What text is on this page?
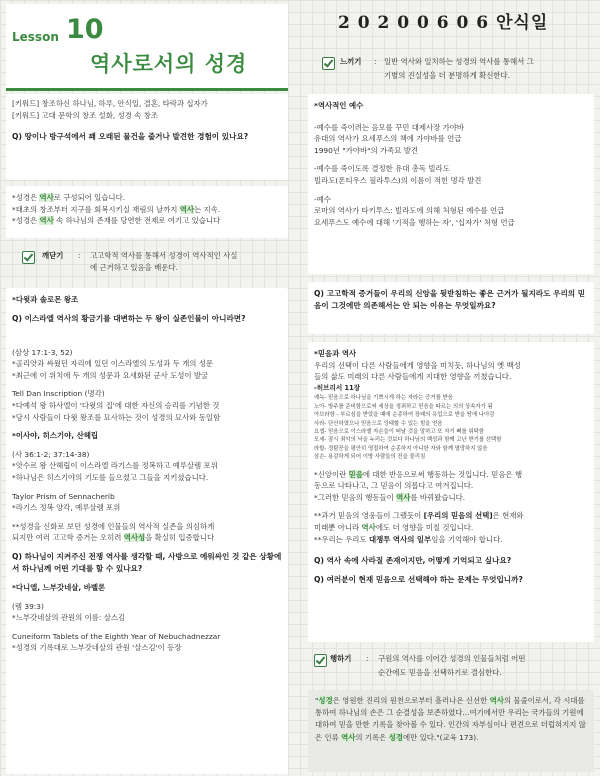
Lesson 10
역사로서의 성경

[키워드] 창조하신 하나님, 하루, 안식일, 결혼, 타락과 십자가

[키워드] 고대 문학의 창조 설화, 성경 속 창조

Q) 땅이나 방구석에서 꽤 오래된 물건을 줍거나 발견한 경험이 있나요?

*성경은 역사로 구성되어 있습니다.

*태초의 창조부터 지구를 회복시키실 재림의 날까지 역사는 지속.

*성경은 역사 속 하나님의 존재를 당연한 전제로 여기고 있습니다

깨닫기 : 고고학적 역사를 통해서 성경이 역사적인 사실
에 근거하고 있음을 배운다.

*다윗과 솔로몬 왕조

Q) 이스라엘 역사의 황금기를 대변하는 두 왕이 실존인물이 아니라면?

(삼상 17:1-3, 52)

*골리앗과 싸웠던 자리에 있던 이스라엘의 도성과 두 개의 성문

*최근에 이 위치에 두 개의 성문과 요새화된 군사 도성이 발굴

Tell Dan Inscription (명각)

*다예석 왕 하사엘이 '다윗의 집'에 대한 자신의 승리를 기념한 것

*당시 사람들이 다윗 왕조를 묘사하는 것이 성경의 묘사와 동일함

*이사야, 히스기야, 산헤립

(사 36:1-2; 37:14-38)

*앗수르 왕 산헤립이 이스라엘 라기스를 정복하고 예루살렘 포위

*하나님은 히스기야의 기도를 들으셨고 그들을 지키셨습니다.

Taylor Prism of Sennacherib

*라기스 정복 양각, 예루살렘 포위

**성경을 신화로 보던 성경에 인물들의 역사적 실존을 의심하게

되지만 여러 고고학 증거는 오히려 역사성을 확실히 입증합니다

Q) 하나님이 지켜주신 전쟁 역사를 생각할 때, 사방으로 에워싸인 것 같은 상황에서 하나님께 어떤 기대를 할 수 있나요?

*다니엘, 느부갓네살, 바벨론

(렘 39:3)

*느부갓네살의 관원의 이름: 살스김

Cuneiform Tablets of the Eighth Year of Nebuchadnezzar

*성경의 기록대로 느부갓네살의 관원 '살스김'이 등장

2 0 2 0 0 6 0 6 안식일
느끼기 : 일반 역사와 일치하는 성경의 역사를 통해서 그
기별의 진실성을 더 분명하게 확신한다.

*역사적인 예수

-예수를 죽이려는 음모를 꾸민 대제사장 가야바

유대의 역사가 요세푸스의 책에 가야바를 언급

1990년 "가야바"의 가족묘 발견

-예수를 죽이도록 결정한 유대 총독 빌라도

빌라도(폰티우스 필라투스)의 이름이 적힌 명각 발견

-예수

로마의 역사가 타키투스: 빌라도에 의해 처형된 예수를 언급

요세푸스도 예수에 대해 '기적을 행하는 자', '십자가' 처형 언급

Q) 고고학적 증거들이 우리의 신앙을 뒷받침하는 좋은 근거가 될지라도 우리의 믿음이 그것에만 의존해서는 안 되는 이유는 무엇일까요?

*믿음과 역사

우리의 선택이 다른 사람들에게 영향을 미치듯, 하나님의 옛 백성

들의 삶도 미래의 다른 사람들에게 지대한 영향을 끼쳤습니다.

-히브리서 11장

예녹- 믿음으로 하나님을 기쁘시게 하는 자라는 증거를 받음

노아- 방주를 준비함으로써 세상을 정죄하고 믿음을 따르는 의의 상속자가 됨

아브라함 - 부르심을 받았을 때에 순종하여 장래의 유업으로 받을 땅에 나아감

사라- 단산하였으나 믿음으로 잉태할 수 있는 힘을 얻음

요셉- 믿음으로 이스라엘 자손들이 떠날 것을 말하고 또 자기 뼈를 위탁함

모세- 잠시 죄악의 낙을 누리는 것보다 하나님의 백성과 함께 고난 받기를 선택함

라합- 정탐꾼을 평안히 영접하여 순종하지 아니한 자와 함께 멸망하지 않음

삼손- 용감하게 되어 이방 사람들의 진을 물리침

*신앙이란 믿음에 대한 반응으로써 행동하는 것입니다. 믿음은 행

동으로 나타나고, 그 믿음이 의롭다고 여겨집니다.

*그러한 믿음의 행동들이 역사를 바꿔왔습니다.

**과거 믿음의 영웅들이 그랬듯이 [우리의 믿음의 선택]은 현재와

미래뿐 아니라 역사에도 더 영향을 미칠 것입니다.

**우리는 우리도 대쟁투 역사의 일부임을 기억해야 합니다.

Q) 역사 속에 사라질 존재이지만, 어떻게 기억되고 싶나요?

Q) 여러분이 현재 믿음으로 선택해야 하는 문제는 무엇입니까?

행하기 : 구원의 역사를 이어간 성경의 인물들처럼 어떤
순간에도 믿음을 선택하기로 결심한다.
"성경은 영원한 진리의 원천으로부터 흘러나온 신선한 역사의 물줄이로서, 각 시대를 통하여 하나님의 손은 그 순결성을 보존하였다...여기에서만 우리는 국가들의 기원에 대하여 믿을 만한 기록을 찾아볼 수 있다. 인간의 자부심이나 편견으로 더럽혀지지 않은 인류 역사의 기록은 성경에만 있다."(교육 173).
